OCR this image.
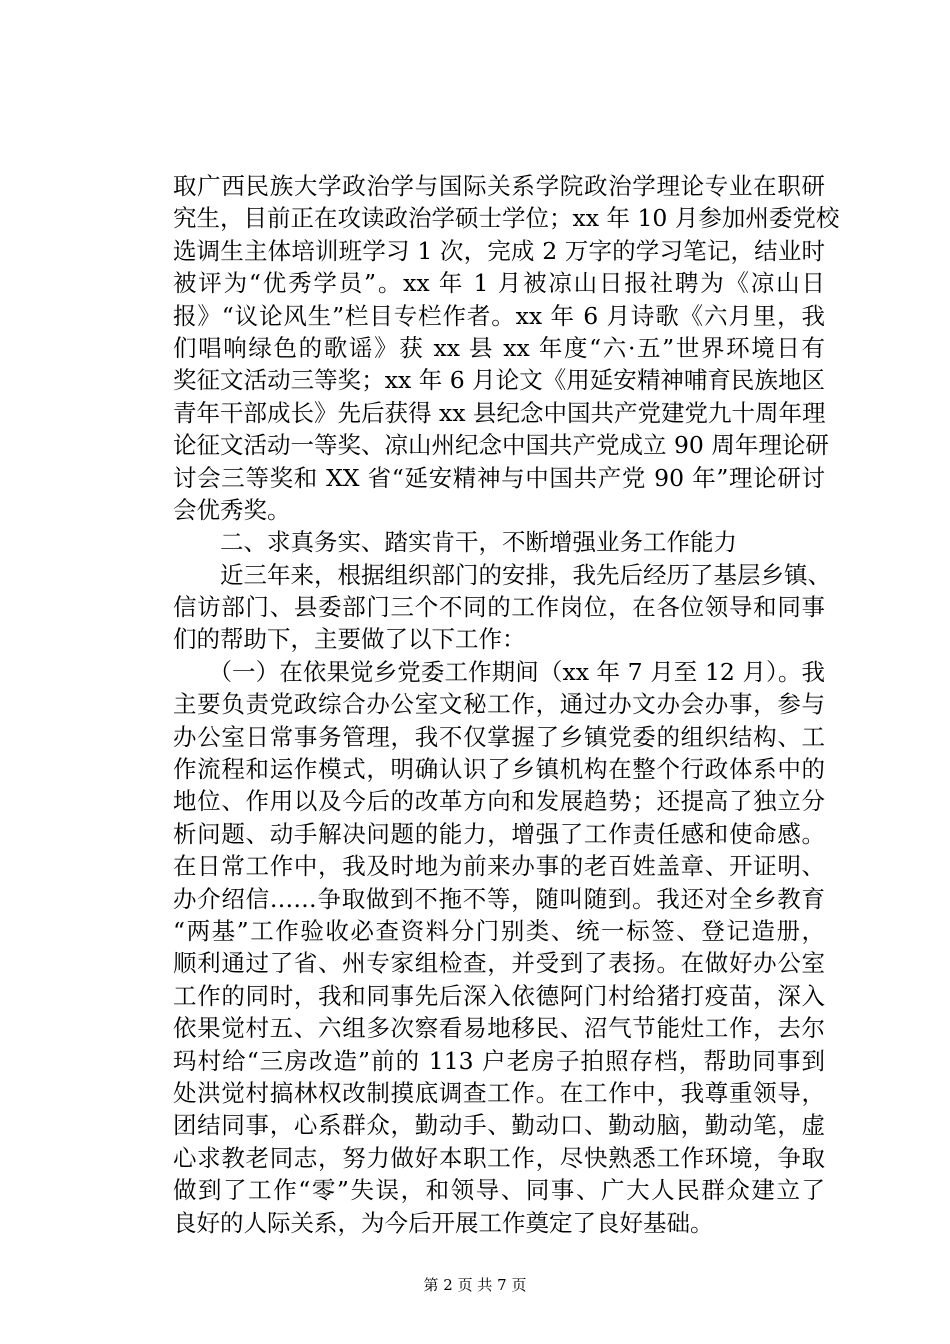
取广西民族大学政治学与国际关系学院政治学理论专业在职研
究生，目前正在攻读政治学硕士学位；xx 年 10 月参加州委党校
选调生主体培训班学习 1 次，完成 2 万字的学习笔记，结业时
被评为“优秀学员”。xx 年 1 月被凉山日报社聘为《凉山日
报》“议论风生”栏目专栏作者。xx 年 6 月诗歌《六月里，我
们唱响绿色的歌谣》获 xx 县 xx 年度“六·五”世界环境日有
奖征文活动三等奖；xx 年 6 月论文《用延安精神哺育民族地区
青年干部成长》先后获得 xx 县纪念中国共产党建党九十周年理
论征文活动一等奖、凉山州纪念中国共产党成立 90 周年理论研
讨会三等奖和 XX 省“延安精神与中国共产党 90 年”理论研讨
会优秀奖。
　　二、求真务实、踏实肯干，不断增强业务工作能力
　　近三年来，根据组织部门的安排，我先后经历了基层乡镇、
信访部门、县委部门三个不同的工作岗位，在各位领导和同事
们的帮助下，主要做了以下工作：
　　（一）在依果觉乡党委工作期间（xx 年 7 月至 12 月）。我
主要负责党政综合办公室文秘工作，通过办文办会办事，参与
办公室日常事务管理，我不仅掌握了乡镇党委的组织结构、工
作流程和运作模式，明确认识了乡镇机构在整个行政体系中的
地位、作用以及今后的改革方向和发展趋势；还提高了独立分
析问题、动手解决问题的能力，增强了工作责任感和使命感。
在日常工作中，我及时地为前来办事的老百姓盖章、开证明、
办介绍信……争取做到不拖不等，随叫随到。我还对全乡教育
“两基”工作验收必查资料分门别类、统一标签、登记造册，
顺利通过了省、州专家组检查，并受到了表扬。在做好办公室
工作的同时，我和同事先后深入依德阿门村给猪打疫苗，深入
依果觉村五、六组多次察看易地移民、沼气节能灶工作，去尔
玛村给“三房改造”前的 113 户老房子拍照存档，帮助同事到
处洪觉村搞林权改制摸底调查工作。在工作中，我尊重领导，
团结同事，心系群众，勤动手、勤动口、勤动脑，勤动笔，虚
心求教老同志，努力做好本职工作，尽快熟悉工作环境，争取
做到了工作“零”失误，和领导、同事、广大人民群众建立了
良好的人际关系，为今后开展工作奠定了良好基础。
第 2 页 共 7 页
